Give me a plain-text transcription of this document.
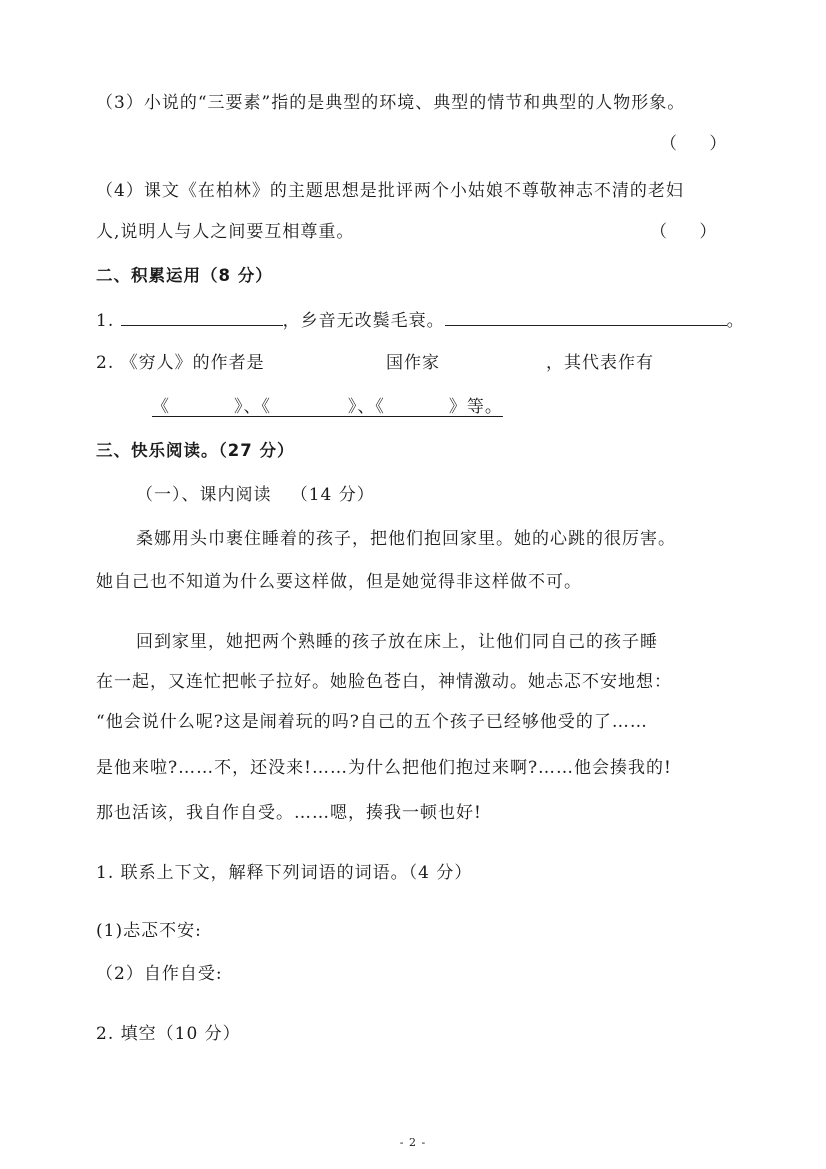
（3）小说的“三要素”指的是典型的环境、典型的情节和典型的人物形象。
（      ）
（4）课文《在柏林》的主题思想是批评两个小姑娘不尊敬神志不清的老妇
人,说明人与人之间要互相尊重。	（      ）
二、积累运用（8 分）
1.	，乡音无改鬓毛衰。	。
2. 《穷人》的作者是	国作家	，其代表作有
《          》、《            》、《          》等。
三、快乐阅读。（27 分）
（一）、课内阅读   （14 分）
桑娜用头巾裹住睡着的孩子，把他们抱回家里。她的心跳的很厉害。
她自己也不知道为什么要这样做，但是她觉得非这样做不可。
回到家里，她把两个熟睡的孩子放在床上，让他们同自己的孩子睡
在一起，又连忙把帐子拉好。她脸色苍白，神情激动。她忐忑不安地想：
“他会说什么呢?这是闹着玩的吗?自己的五个孩子已经够他受的了……
是他来啦?……不，还没来!……为什么把他们抱过来啊?……他会揍我的!
那也活该，我自作自受。……嗯，揍我一顿也好!
1. 联系上下文，解释下列词语的词语。（4 分）
(1)忐忑不安:
（2）自作自受:
2. 填空（10 分）
- 2 -
